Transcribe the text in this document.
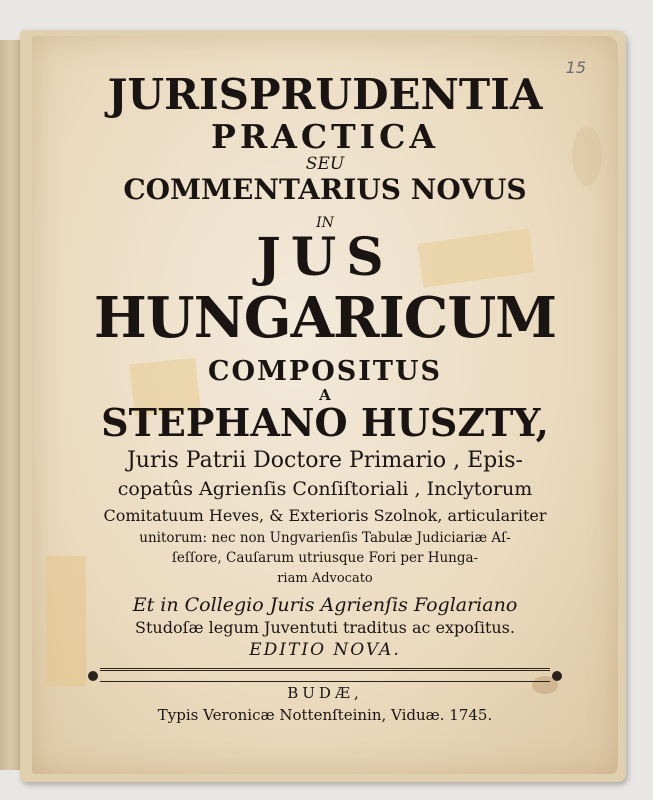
15
JURISPRUDENTIA
PRACTICA
SEU
COMMENTARIUS NOVUS
IN
JUS
HUNGARICUM
COMPOSITUS
A
STEPHANO HUSZTY,
Juris Patrii Doctore Primario , Epis-
copatûs Agrienſis Conſiſtoriali , Inclytorum
Comitatuum Heves, & Exterioris Szolnok, articulariter
unitorum: nec non Ungvarienſis Tabulæ Judiciariæ Aſ-
ſeſſore, Cauſarum utriusque Fori per Hunga-
riam Advocato
Et in Collegio Juris Agrienſis Foglariano
Studoſæ legum Juventuti traditus ac expoſitus.
EDITIO NOVA.
BUDÆ,
Typis Veronicæ Nottenſteinin, Viduæ. 1745.
